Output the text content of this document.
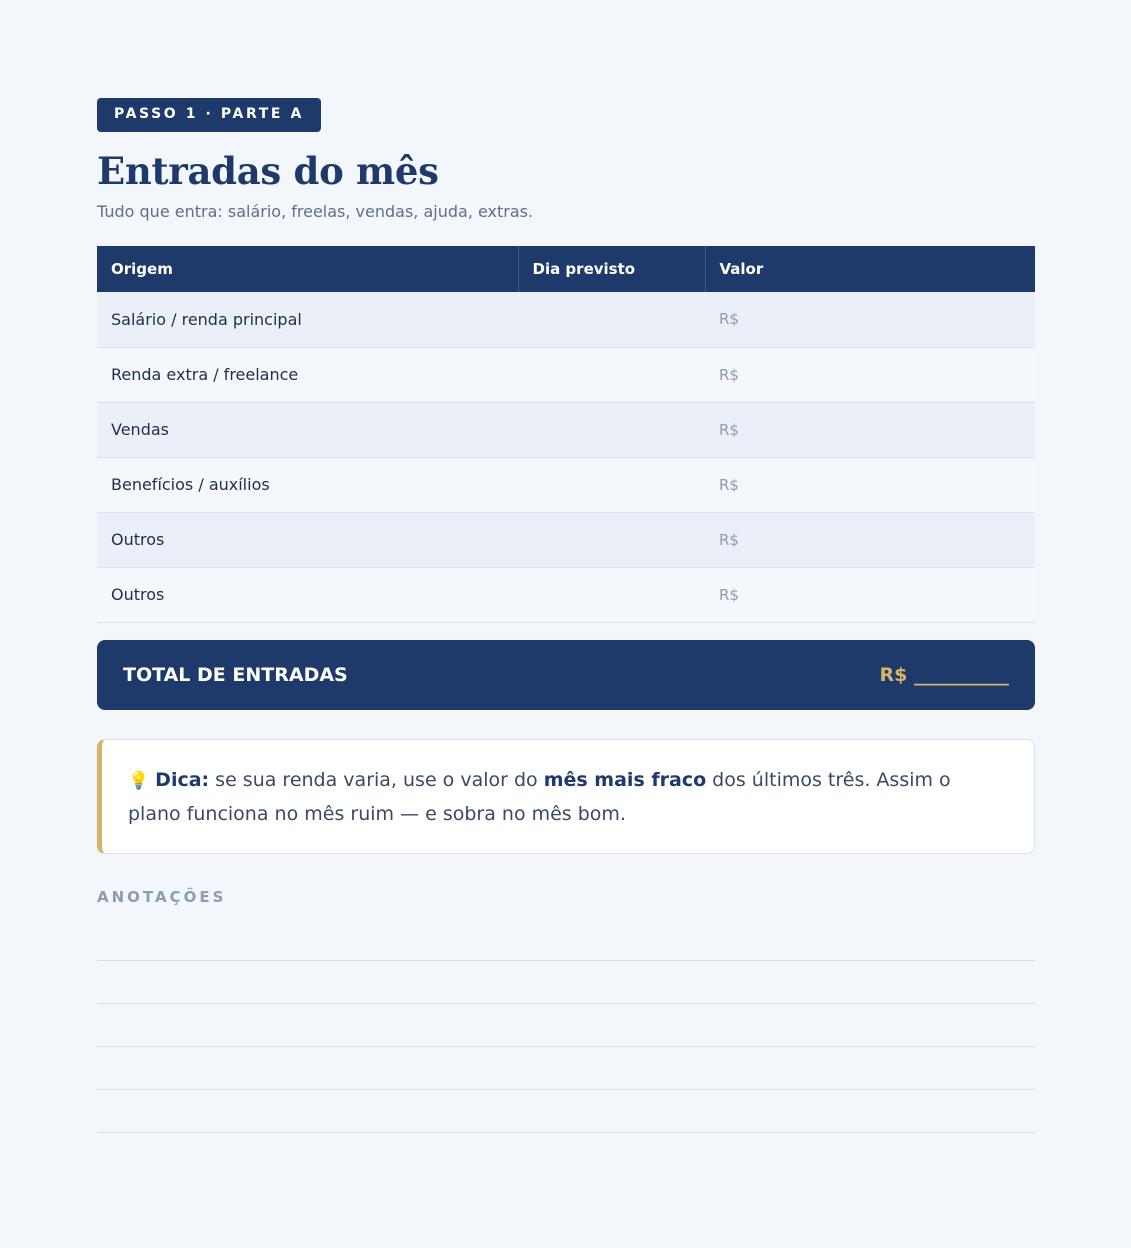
PASSO 1 · PARTE A
Entradas do mês
Tudo que entra: salário, freelas, vendas, ajuda, extras.
Origem	Dia previsto	Valor
Salário / renda principal		R$
Renda extra / freelance		R$
Vendas		R$
Benefícios / auxílios		R$
Outros		R$
Outros		R$
TOTAL DE ENTRADAS	R$ __________
💡 Dica: se sua renda varia, use o valor do mês mais fraco dos últimos três. Assim o plano funciona no mês ruim — e sobra no mês bom.
ANOTAÇÕES
